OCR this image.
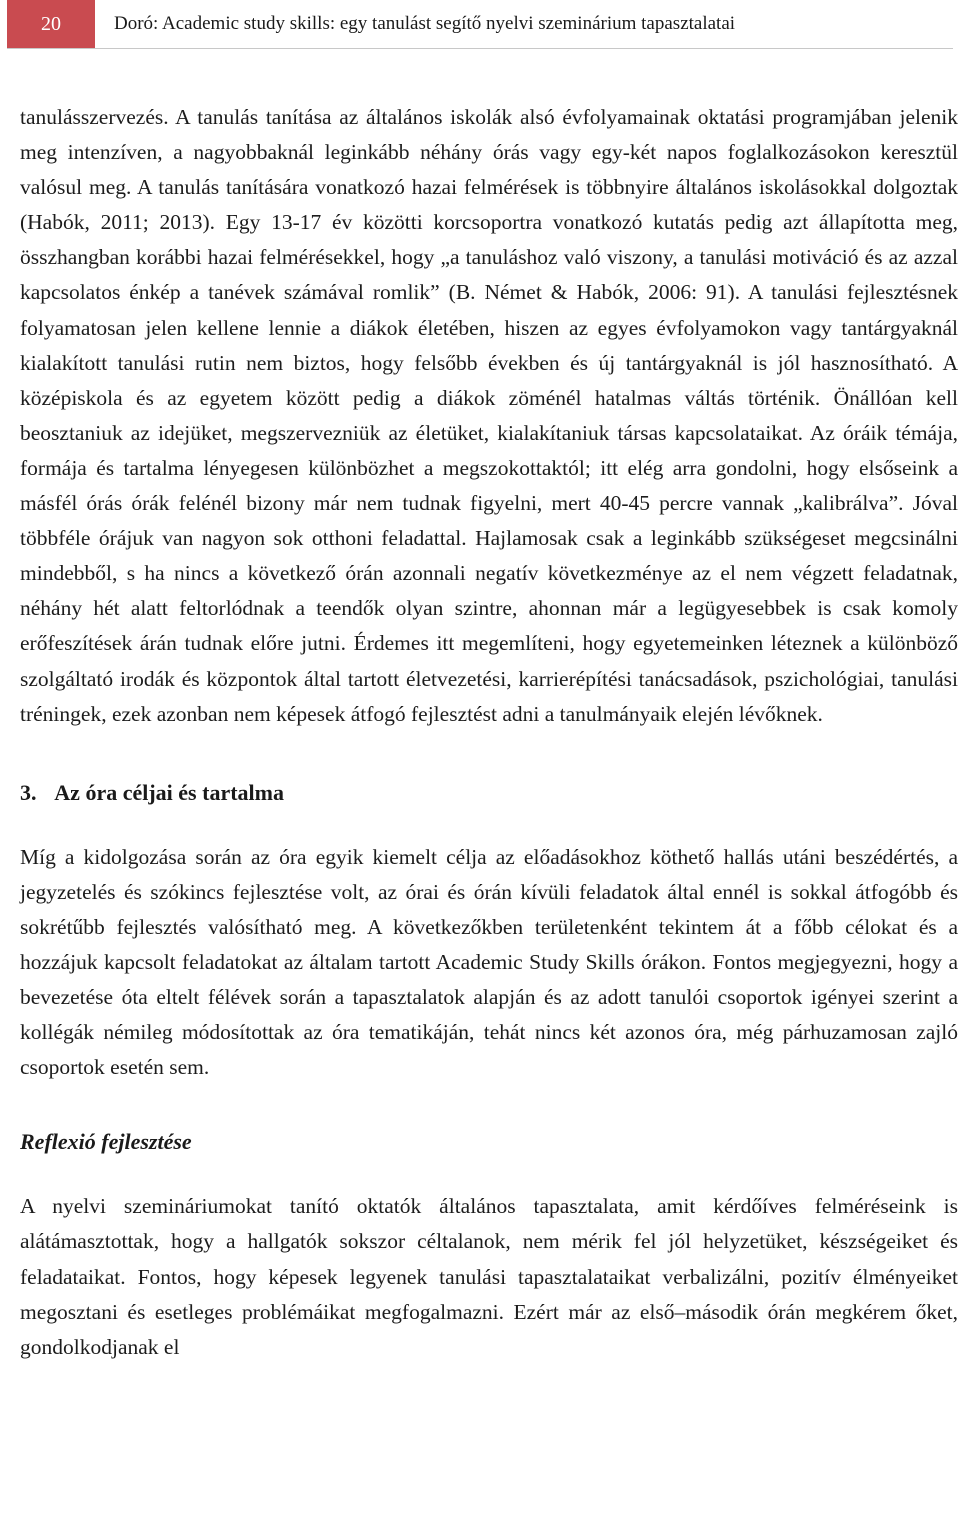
20	Doró: Academic study skills: egy tanulást segítő nyelvi szeminárium tapasztalatai

tanulásszervezés. A tanulás tanítása az általános iskolák alsó évfolyamainak oktatási programjában jelenik meg intenzíven, a nagyobbaknál leginkább néhány órás vagy egy-két napos foglalkozásokon keresztül valósul meg. A tanulás tanítására vonatkozó hazai felmérések is többnyire általános iskolásokkal dolgoztak (Habók, 2011; 2013). Egy 13-17 év közötti korcsoportra vonatkozó kutatás pedig azt állapította meg, összhangban korábbi hazai felmérésekkel, hogy „a tanuláshoz való viszony, a tanulási motiváció és az azzal kapcsolatos énkép a tanévek számával romlik” (B. Német & Habók, 2006: 91). A tanulási fejlesztésnek folyamatosan jelen kellene lennie a diákok életében, hiszen az egyes évfolyamokon vagy tantárgyaknál kialakított tanulási rutin nem biztos, hogy felsőbb években és új tantárgyaknál is jól hasznosítható. A középiskola és az egyetem között pedig a diákok zöménél hatalmas váltás történik. Önállóan kell beosztaniuk az idejüket, megszervezniük az életüket, kialakítaniuk társas kapcsolataikat. Az óráik témája, formája és tartalma lényegesen különbözhet a megszokottaktól; itt elég arra gondolni, hogy elsőseink a másfél órás órák felénél bizony már nem tudnak figyelni, mert 40-45 percre vannak „kalibrálva”. Jóval többféle órájuk van nagyon sok otthoni feladattal. Hajlamosak csak a leginkább szükségeset megcsinálni mindebből, s ha nincs a következő órán azonnali negatív következménye az el nem végzett feladatnak, néhány hét alatt feltorlódnak a teendők olyan szintre, ahonnan már a legügyesebbek is csak komoly erőfeszítések árán tudnak előre jutni. Érdemes itt megemlíteni, hogy egyetemeinken léteznek a különböző szolgáltató irodák és központok által tartott életvezetési, karrierépítési tanácsadások, pszichológiai, tanulási tréningek, ezek azonban nem képesek átfogó fejlesztést adni a tanulmányaik elején lévőknek.

3. Az óra céljai és tartalma

Míg a kidolgozása során az óra egyik kiemelt célja az előadásokhoz köthető hallás utáni beszédértés, a jegyzetelés és szókincs fejlesztése volt, az órai és órán kívüli feladatok által ennél is sokkal átfogóbb és sokrétűbb fejlesztés valósítható meg. A következőkben területenként tekintem át a főbb célokat és a hozzájuk kapcsolt feladatokat az általam tartott Academic Study Skills órákon. Fontos megjegyezni, hogy a bevezetése óta eltelt félévek során a tapasztalatok alapján és az adott tanulói csoportok igényei szerint a kollégák némileg módosítottak az óra tematikáján, tehát nincs két azonos óra, még párhuzamosan zajló csoportok esetén sem.

Reflexió fejlesztése

A nyelvi szemináriumokat tanító oktatók általános tapasztalata, amit kérdőíves felméréseink is alátámasztottak, hogy a hallgatók sokszor céltalanok, nem mérik fel jól helyzetüket, készségeiket és feladataikat. Fontos, hogy képesek legyenek tanulási tapasztalataikat verbalizálni, pozitív élményeiket megosztani és esetleges problémáikat megfogalmazni. Ezért már az első–második órán megkérem őket, gondolkodjanak el
